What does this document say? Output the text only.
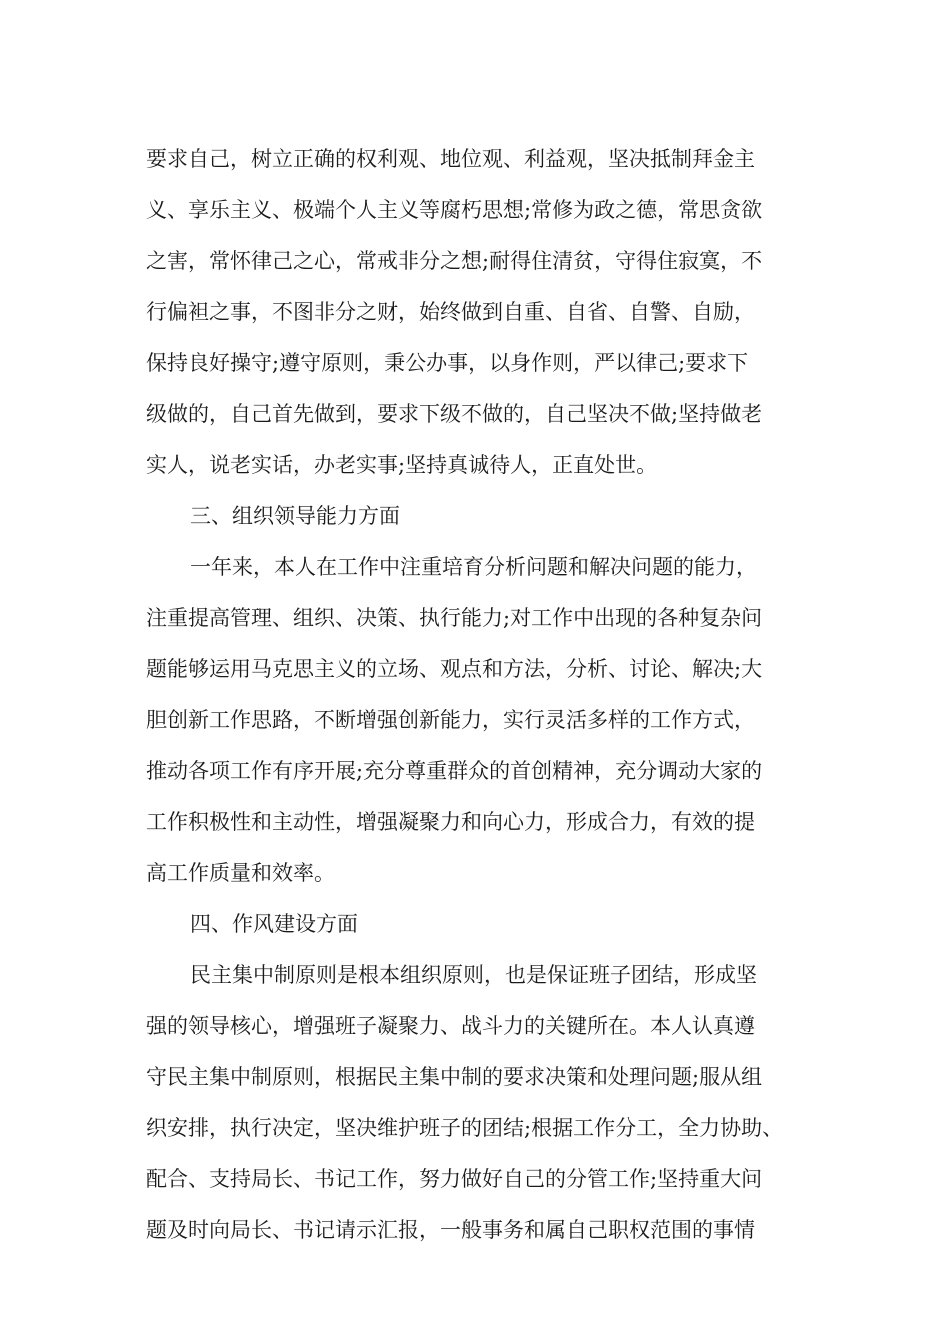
要求自己，树立正确的权利观、地位观、利益观，坚决抵制拜金主
义、享乐主义、极端个人主义等腐朽思想;常修为政之德，常思贪欲
之害，常怀律己之心，常戒非分之想;耐得住清贫，守得住寂寞，不
行偏袒之事，不图非分之财，始终做到自重、自省、自警、自励，
保持良好操守;遵守原则，秉公办事，以身作则，严以律己;要求下
级做的，自己首先做到，要求下级不做的，自己坚决不做;坚持做老
实人，说老实话，办老实事;坚持真诚待人，正直处世。
三、组织领导能力方面
一年来，本人在工作中注重培育分析问题和解决问题的能力，
注重提高管理、组织、决策、执行能力;对工作中出现的各种复杂问
题能够运用马克思主义的立场、观点和方法，分析、讨论、解决;大
胆创新工作思路，不断增强创新能力，实行灵活多样的工作方式，
推动各项工作有序开展;充分尊重群众的首创精神，充分调动大家的
工作积极性和主动性，增强凝聚力和向心力，形成合力，有效的提
高工作质量和效率。
四、作风建设方面
民主集中制原则是根本组织原则，也是保证班子团结，形成坚
强的领导核心，增强班子凝聚力、战斗力的关键所在。本人认真遵
守民主集中制原则，根据民主集中制的要求决策和处理问题;服从组
织安排，执行决定，坚决维护班子的团结;根据工作分工，全力协助、
配合、支持局长、书记工作，努力做好自己的分管工作;坚持重大问
题及时向局长、书记请示汇报，一般事务和属自己职权范围的事情
